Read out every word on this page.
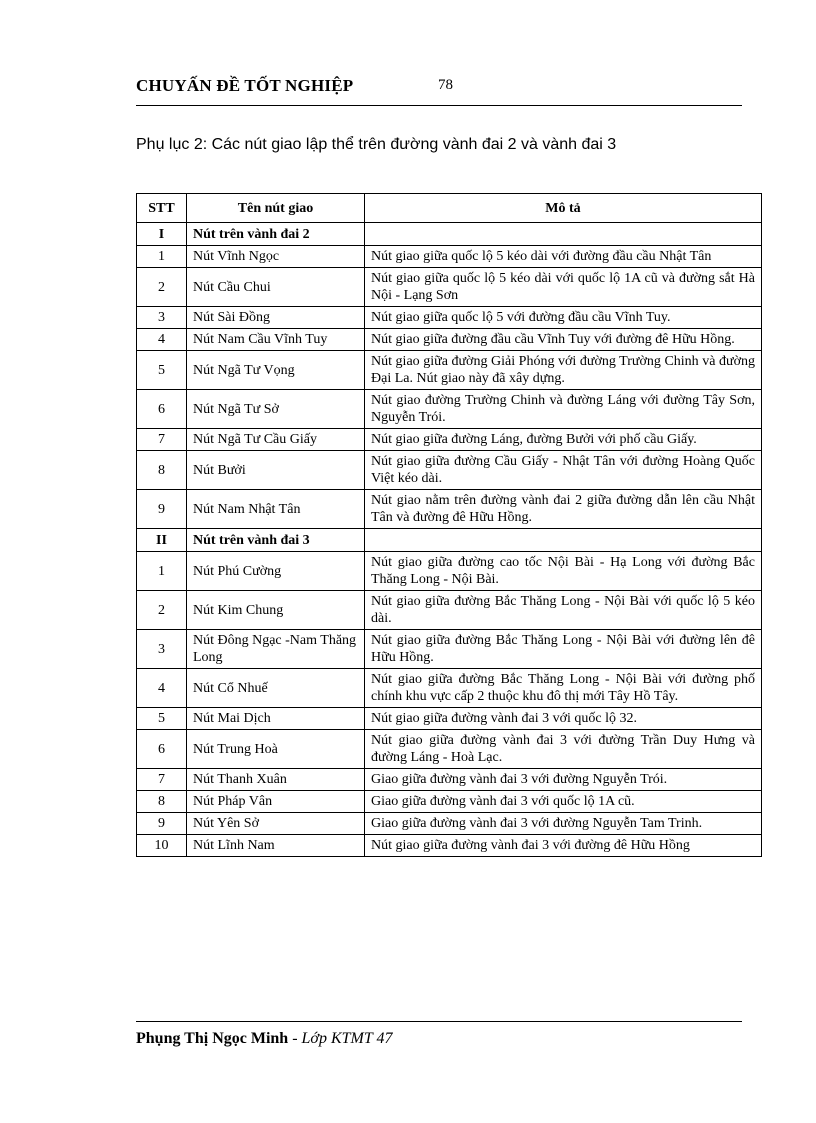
CHUYẤN ĐỀ TỐT NGHIỆP	78
Phụ lục 2: Các nút giao lập thể trên đường vành đai 2 và vành đai 3
STT	Tên nút giao	Mô tả
I	Nút trên vành đai 2	
1	Nút Vĩnh Ngọc	Nút giao giữa quốc lộ 5 kéo dài với đường đầu cầu Nhật Tân
2	Nút Cầu Chui	Nút giao giữa quốc lộ 5 kéo dài với quốc lộ 1A cũ và đường sắt Hà Nội - Lạng Sơn
3	Nút Sài Đồng	Nút giao giữa quốc lộ 5 với đường đầu cầu Vĩnh Tuy.
4	Nút Nam Cầu Vĩnh Tuy	Nút giao giữa đường đầu cầu Vĩnh Tuy với đường đê Hữu Hồng.
5	Nút Ngã Tư Vọng	Nút giao giữa đường Giải Phóng với đường Trường Chinh và đường Đại La. Nút giao này đã xây dựng.
6	Nút Ngã Tư Sở	Nút giao đường Trường Chinh và đường Láng với đường Tây Sơn, Nguyễn Trói.
7	Nút Ngã Tư Cầu Giấy	Nút giao giữa đường Láng, đường Bưởi với phố cầu Giấy.
8	Nút Bưởi	Nút giao giữa đường Cầu Giấy - Nhật Tân với đường Hoàng Quốc Việt kéo dài.
9	Nút Nam Nhật Tân	Nút giao nằm trên đường vành đai 2 giữa đường dẫn lên cầu Nhật Tân và đường đê Hữu Hồng.
II	Nút trên vành đai 3	
1	Nút Phú Cường	Nút giao giữa đường cao tốc Nội Bài - Hạ Long với đường Bắc Thăng Long - Nội Bài.
2	Nút Kim Chung	Nút giao giữa đường Bắc Thăng Long - Nội Bài với quốc lộ 5 kéo dài.
3	Nút Đông Ngạc -Nam Thăng Long	Nút giao giữa đường Bắc Thăng Long - Nội Bài với đường lên đê Hữu Hồng.
4	Nút Cổ Nhuế	Nút giao giữa đường Bắc Thăng Long - Nội Bài với đường phố chính khu vực cấp 2 thuộc khu đô thị mới Tây Hồ Tây.
5	Nút Mai Dịch	Nút giao giữa đường vành đai 3 với quốc lộ 32.
6	Nút Trung Hoà	Nút giao giữa đường vành đai 3 với đường Trần Duy Hưng và đường Láng - Hoà Lạc.
7	Nút Thanh Xuân	Giao giữa đường vành đai 3 với đường Nguyễn Trói.
8	Nút Pháp Vân	Giao giữa đường vành đai 3 với quốc lộ 1A cũ.
9	Nút Yên Sở	Giao giữa đường vành đai 3 với đường Nguyễn Tam Trinh.
10	Nút Lĩnh Nam	Nút giao giữa đường vành đai 3 với đường đê Hữu Hồng
Phụng Thị Ngọc Minh - Lớp KTMT 47
